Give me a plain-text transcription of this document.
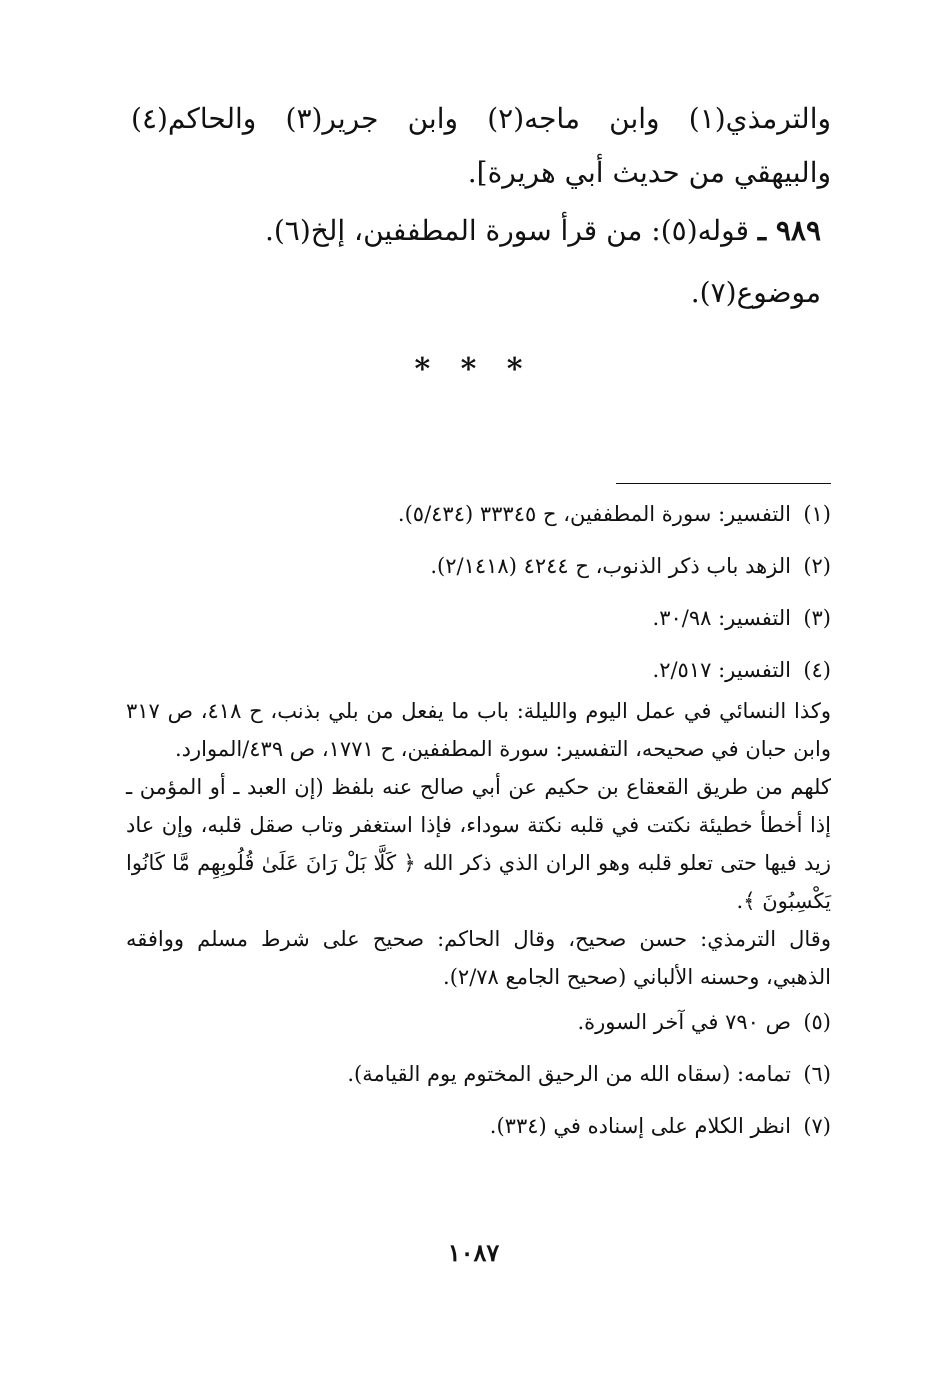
والترمذي(١) وابن ماجه(٢) وابن جرير(٣) والحاكم(٤) والبيهقي من حديث أبي هريرة].

٩٨٩ ـ قوله(٥): من قرأ سورة المطففين، إلخ(٦).

موضوع(٧).

* * *
(١)
التفسير: سورة المطففين، ح ٣٣٣٤٥ (٥/٤٣٤).
(٢)
الزهد باب ذكر الذنوب، ح ٤٢٤٤ (٢/١٤١٨).
(٣)
التفسير: ٣٠/٩٨.
(٤)
التفسير: ٢/٥١٧.

وكذا النسائي في عمل اليوم والليلة: باب ما يفعل من بلي بذنب، ح ٤١٨، ص ٣١٧ وابن حبان في صحيحه، التفسير: سورة المطففين، ح ١٧٧١، ص ٤٣٩/الموارد.

كلهم من طريق القعقاع بن حكيم عن أبي صالح عنه بلفظ (إن العبد ـ أو المؤمن ـ إذا أخطأ خطيئة نكتت في قلبه نكتة سوداء، فإذا استغفر وتاب صقل قلبه، وإن عاد زيد فيها حتى تعلو قلبه وهو الران الذي ذكر الله ﴿ كَلَّا بَلْ رَانَ عَلَىٰ قُلُوبِهِم مَّا كَانُوا يَكْسِبُونَ ﴾.

وقال الترمذي: حسن صحيح، وقال الحاكم: صحيح على شرط مسلم ووافقه الذهبي، وحسنه الألباني (صحيح الجامع ٢/٧٨).

(٥)
ص ٧٩٠ في آخر السورة.
(٦)
تمامه: (سقاه الله من الرحيق المختوم يوم القيامة).
(٧)
انظر الكلام على إسناده في (٣٣٤).
١٠٨٧
